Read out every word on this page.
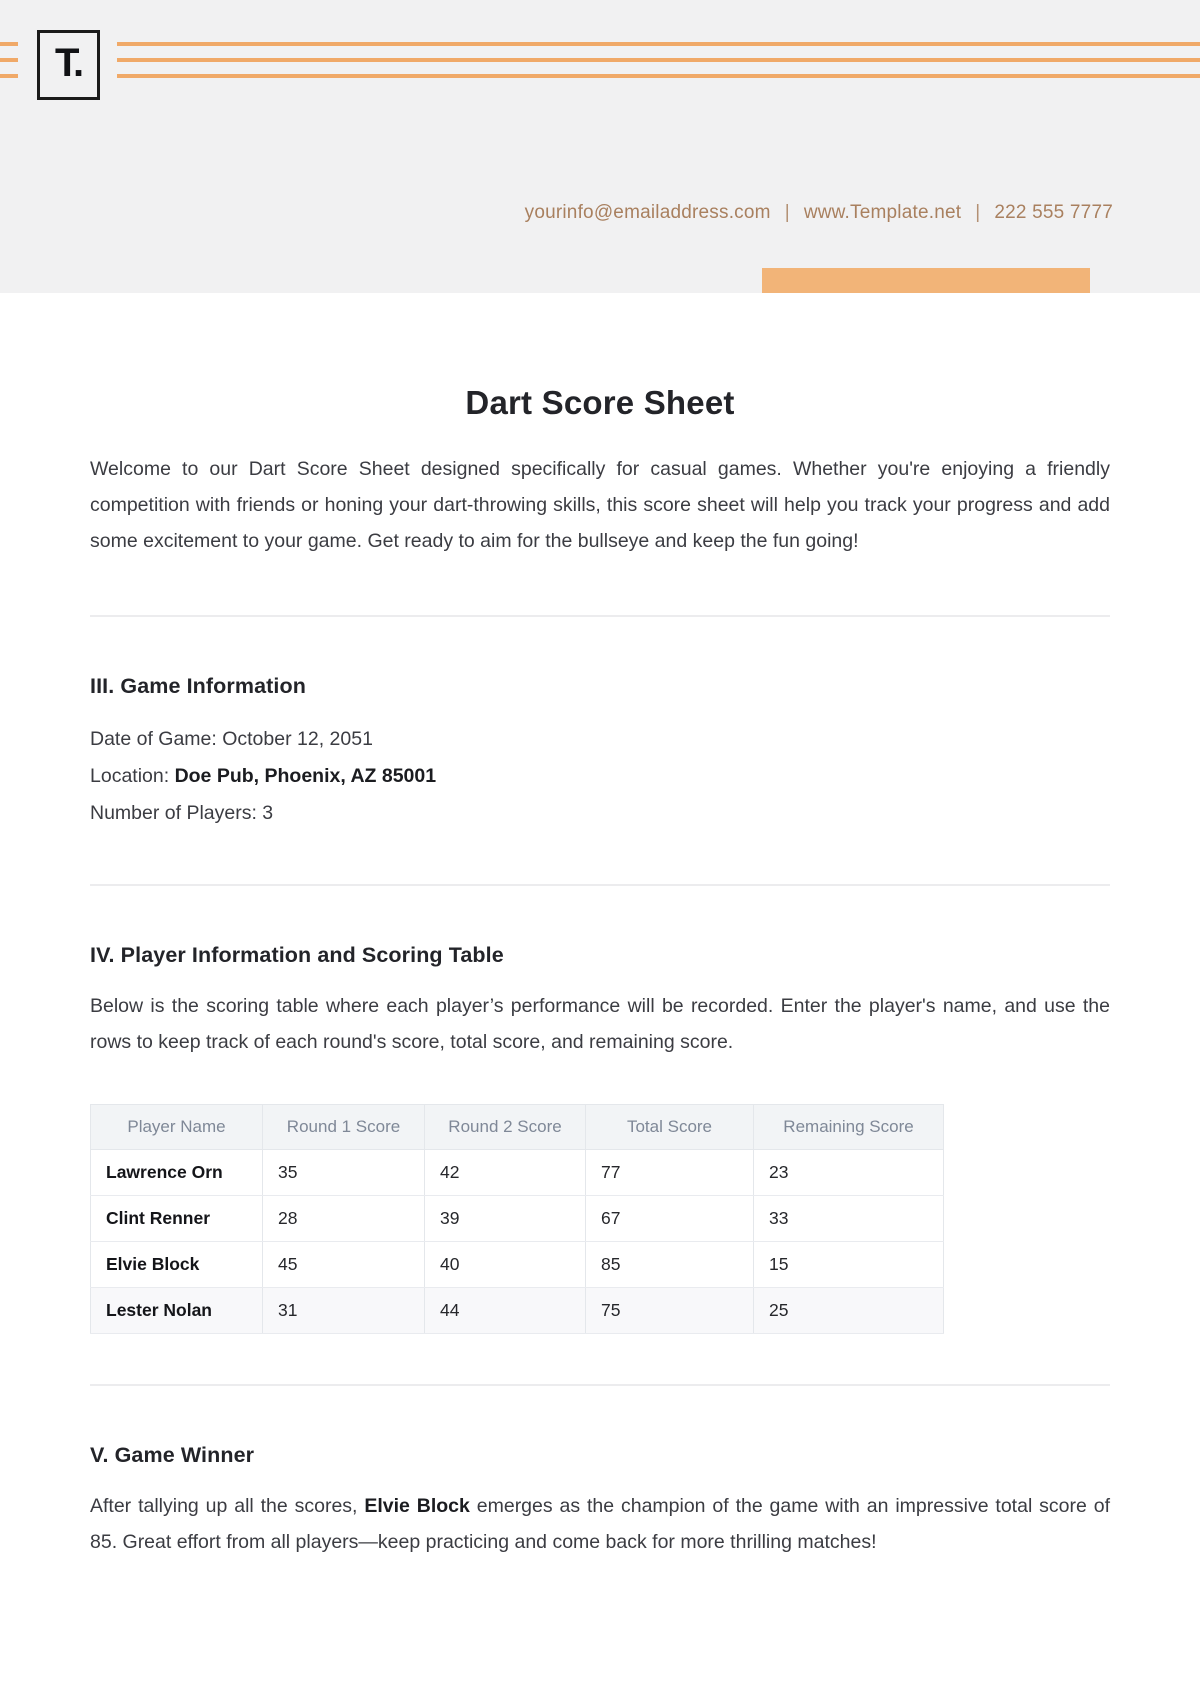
T.
yourinfo@emailaddress.com | www.Template.net | 222 555 7777
Dart Score Sheet

Welcome to our Dart Score Sheet designed specifically for casual games. Whether you're enjoying a friendly competition with friends or honing your dart-throwing skills, this score sheet will help you track your progress and add some excitement to your game. Get ready to aim for the bullseye and keep the fun going!

III. Game Information

Date of Game: October 12, 2051

Location: Doe Pub, Phoenix, AZ 85001

Number of Players: 3

IV. Player Information and Scoring Table

Below is the scoring table where each player’s performance will be recorded. Enter the player's name, and use the rows to keep track of each round's score, total score, and remaining score.

Player Name	Round 1 Score	Round 2 Score	Total Score	Remaining Score
Lawrence Orn	35	42	77	23
Clint Renner	28	39	67	33
Elvie Block	45	40	85	15
Lester Nolan	31	44	75	25
V. Game Winner

After tallying up all the scores, Elvie Block emerges as the champion of the game with an impressive total score of 85. Great effort from all players—keep practicing and come back for more thrilling matches!
